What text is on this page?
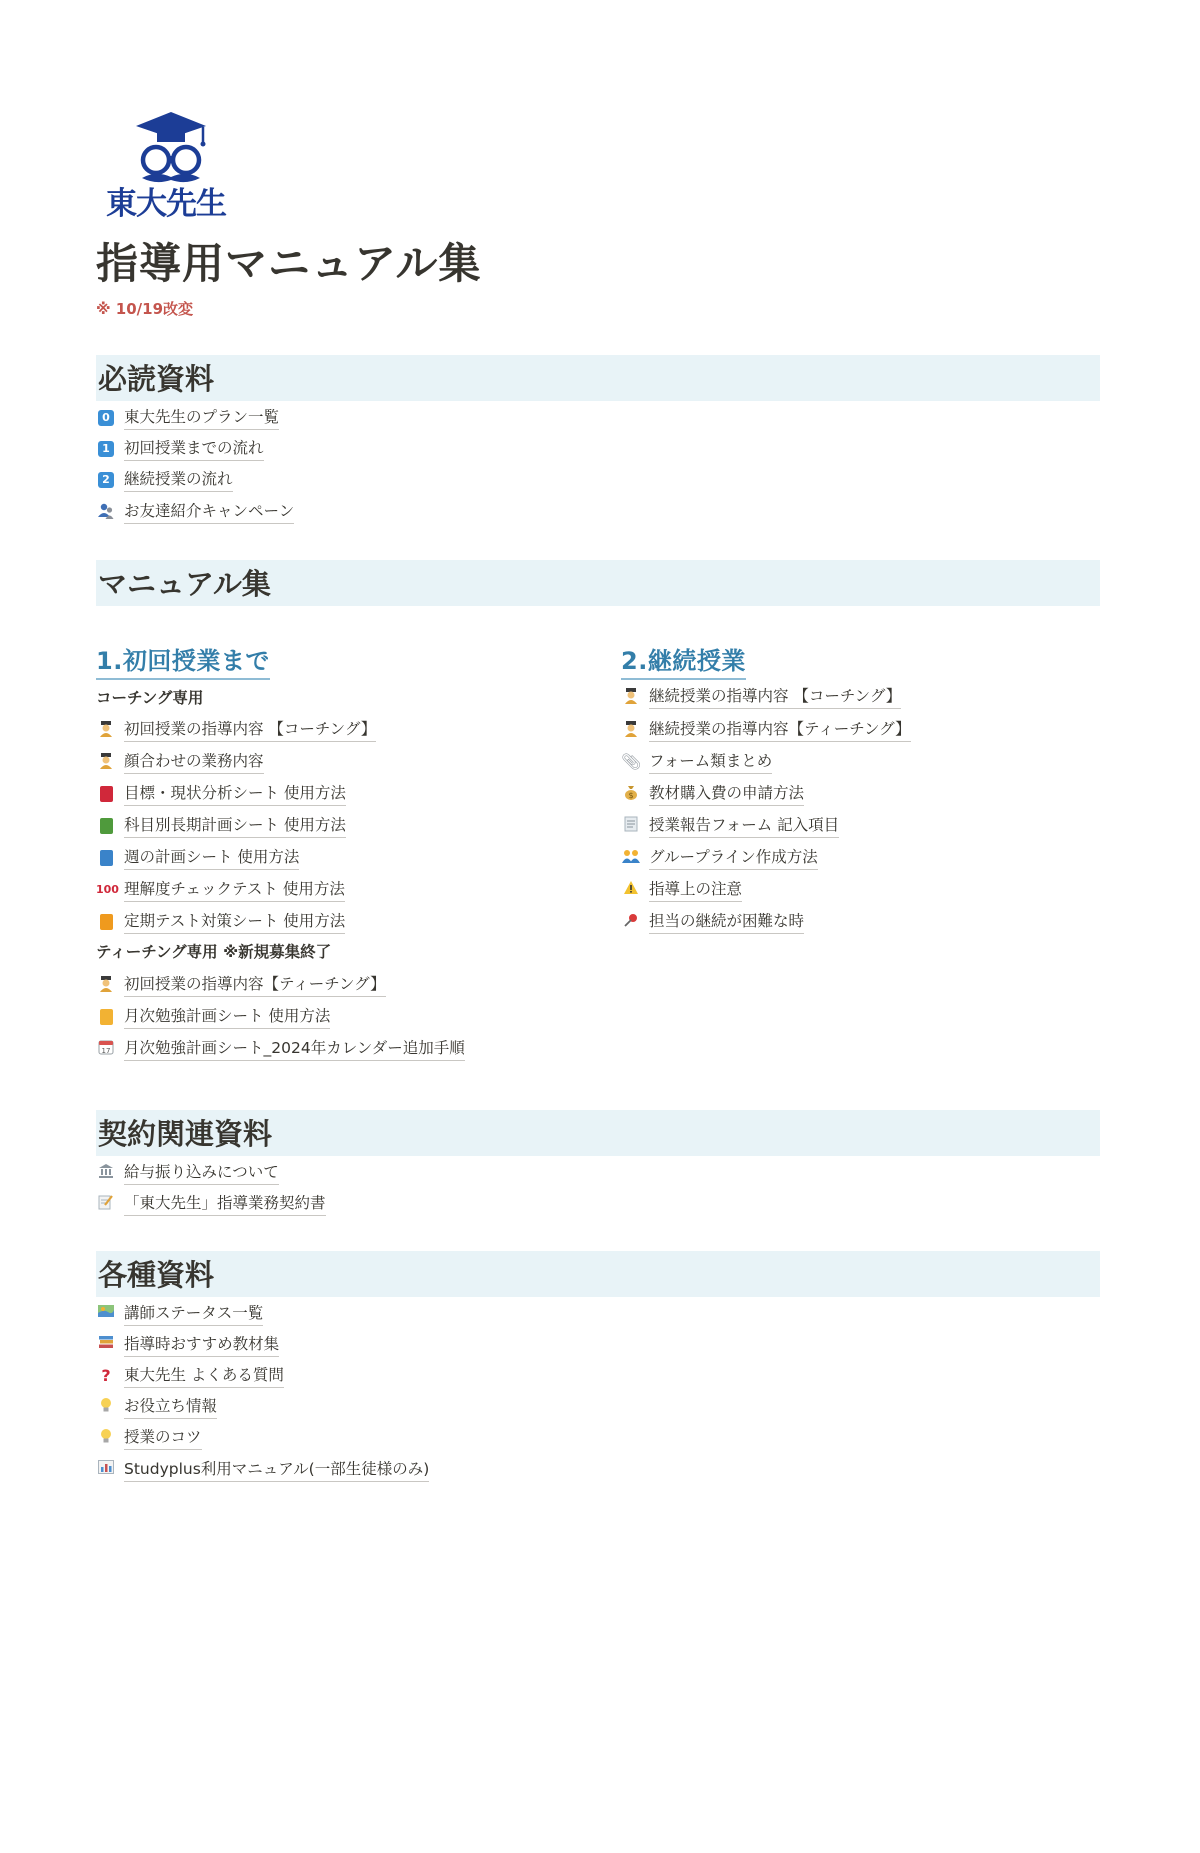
東大先生
指導用マニュアル集
※ 10/19改変
必読資料
0 東大先生のプラン一覧
1 初回授業までの流れ
2 継続授業の流れ
お友達紹介キャンペーン
マニュアル集
1.初回授業まで
コーチング専用
初回授業の指導内容 【コーチング】
顔合わせの業務内容
目標・現状分析シート 使用方法
科目別長期計画シート 使用方法
週の計画シート 使用方法
100 理解度チェックテスト 使用方法
定期テスト対策シート 使用方法
ティーチング専用 ※新規募集終了
初回授業の指導内容【ティーチング】
月次勉強計画シート 使用方法
17 月次勉強計画シート_2024年カレンダー追加手順
2.継続授業
継続授業の指導内容 【コーチング】
継続授業の指導内容【ティーチング】
📎︎ フォーム類まとめ
$ 教材購入費の申請方法
授業報告フォーム 記入項目
グループライン作成方法
指導上の注意
担当の継続が困難な時
契約関連資料
給与振り込みについて
「東大先生」指導業務契約書
各種資料
講師ステータス一覧
指導時おすすめ教材集
? 東大先生 よくある質問
お役立ち情報
授業のコツ
Studyplus利用マニュアル(一部生徒様のみ)
